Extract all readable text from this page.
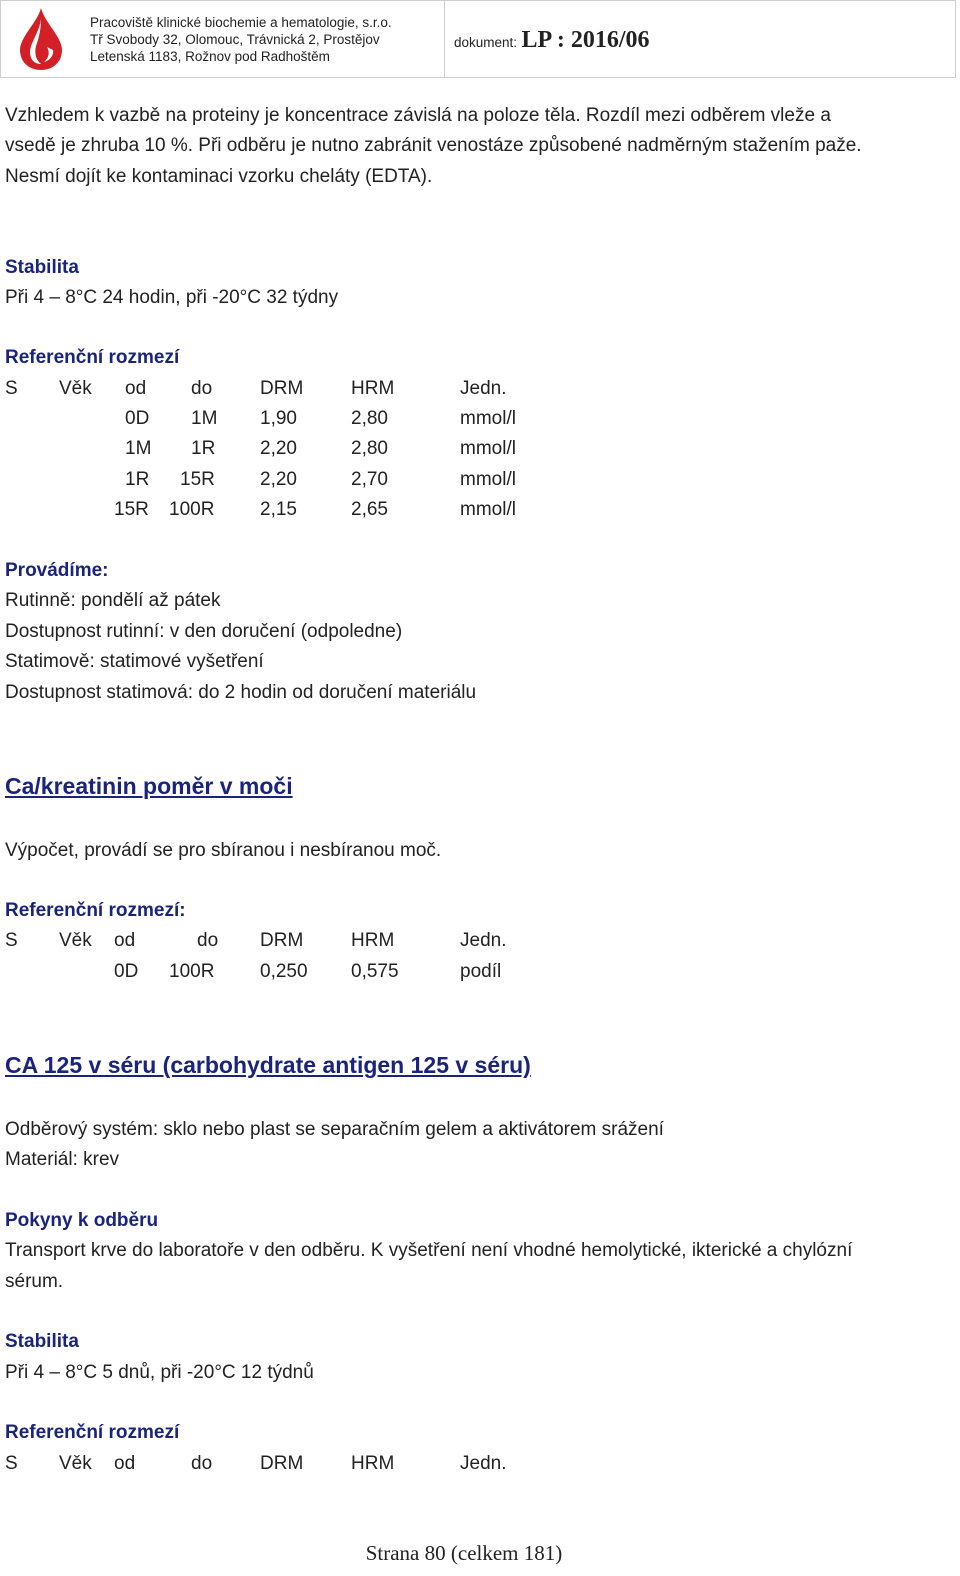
Pracoviště klinické biochemie a hematologie, s.r.o.
Tř Svobody 32, Olomouc, Trávnická 2, Prostějov
Letenská 1183, Rožnov pod Radhoštěm
dokument: LP : 2016/06
Vzhledem k vazbě na proteiny je koncentrace závislá na poloze těla. Rozdíl mezi odběrem vleže a
vsedě je zhruba 10 %. Při odběru je nutno zabránit venostáze způsobené nadměrným stažením paže.
Nesmí dojít ke kontaminaci vzorku cheláty (EDTA).
Stabilita
Při 4 – 8°C 24 hodin, při -20°C 32 týdny
Referenční rozmezí
S Věk od do	DRM	HRM	Jedn.
0D 1M 1,90	2,80	mmol/l
1M 1R 2,20	2,80	mmol/l
1R 15R 2,20	2,70	mmol/l
15R 100R 2,15	2,65	mmol/l
Provádíme:
Rutinně: pondělí až pátek
Dostupnost rutinní: v den doručení (odpoledne)
Statimově: statimové vyšetření
Dostupnost statimová: do 2 hodin od doručení materiálu
Ca/kreatinin poměr v moči
Výpočet, provádí se pro sbíranou i nesbíranou moč.
Referenční rozmezí:
S Věk od	do DRM	HRM	Jedn.
0D 100R 0,250 0,575	podíl
CA 125 v séru (carbohydrate antigen 125 v séru)
Odběrový systém: sklo nebo plast se separačním gelem a aktivátorem srážení
Materiál: krev
Pokyny k odběru
Transport krve do laboratoře v den odběru. K vyšetření není vhodné hemolytické, ikterické a chylózní
sérum.
Stabilita
Při 4 – 8°C 5 dnů, při -20°C 12 týdnů
Referenční rozmezí
S Věk od	do	DRM	HRM	Jedn.
Strana 80 (celkem 181)
